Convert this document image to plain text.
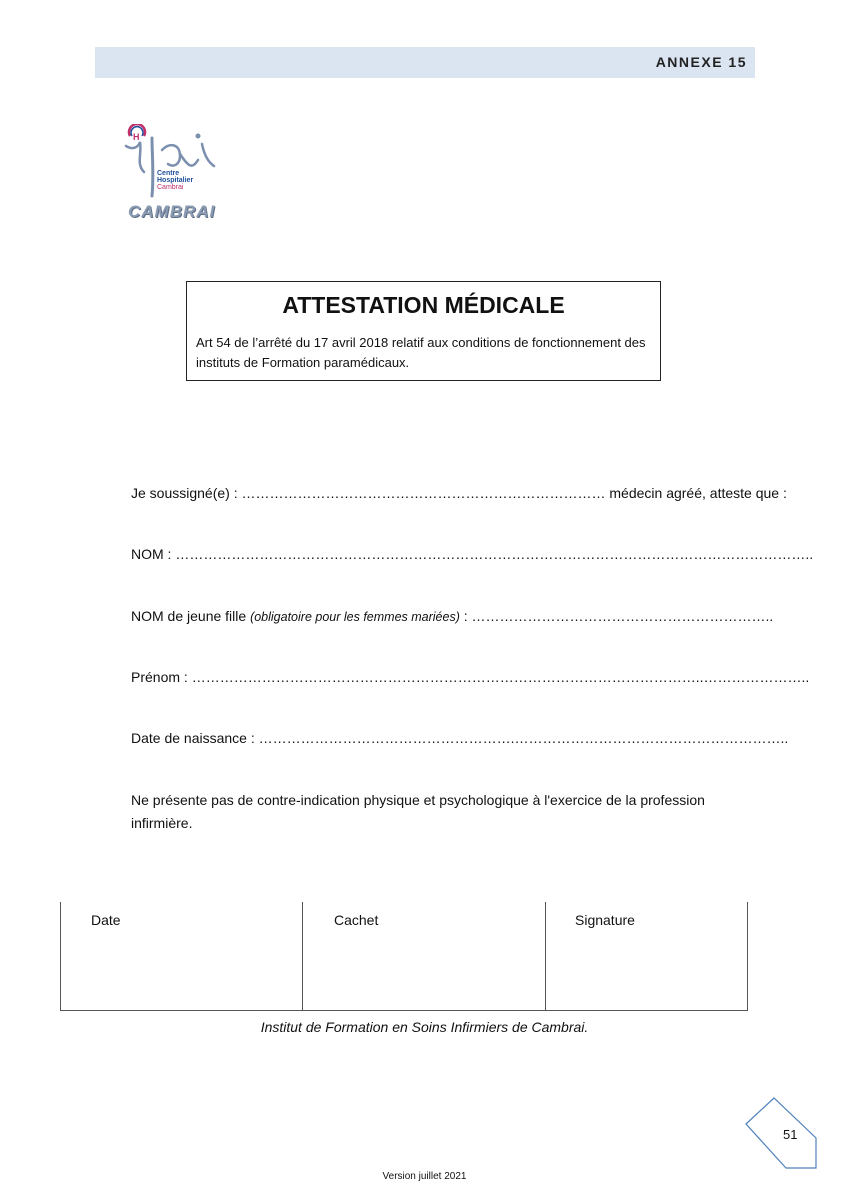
ANNEXE 15
H
Centre
Hospitalier
Cambrai
CAMBRAI
ATTESTATION MÉDICALE
Art 54 de l’arrêté du 17 avril 2018 relatif aux conditions de fonctionnement des instituts de Formation paramédicaux.
Je soussigné(e) : …………………………………………………………………… médecin agréé, atteste que :
NOM : ………………………………………………………………………………………………………………………..
NOM de jeune fille (obligatoire pour les femmes mariées) : ………………………………………………………..
Prénom : ………………………………………………………………………………………………..…………………..
Date de naissance : ……………………………………………….…………………………………………………..
Ne présente pas de contre-indication physique et psychologique à l'exercice de la profession infirmière.
Date	Cachet	Signature
Institut de Formation en Soins Infirmiers de Cambrai.
51
Version juillet 2021
